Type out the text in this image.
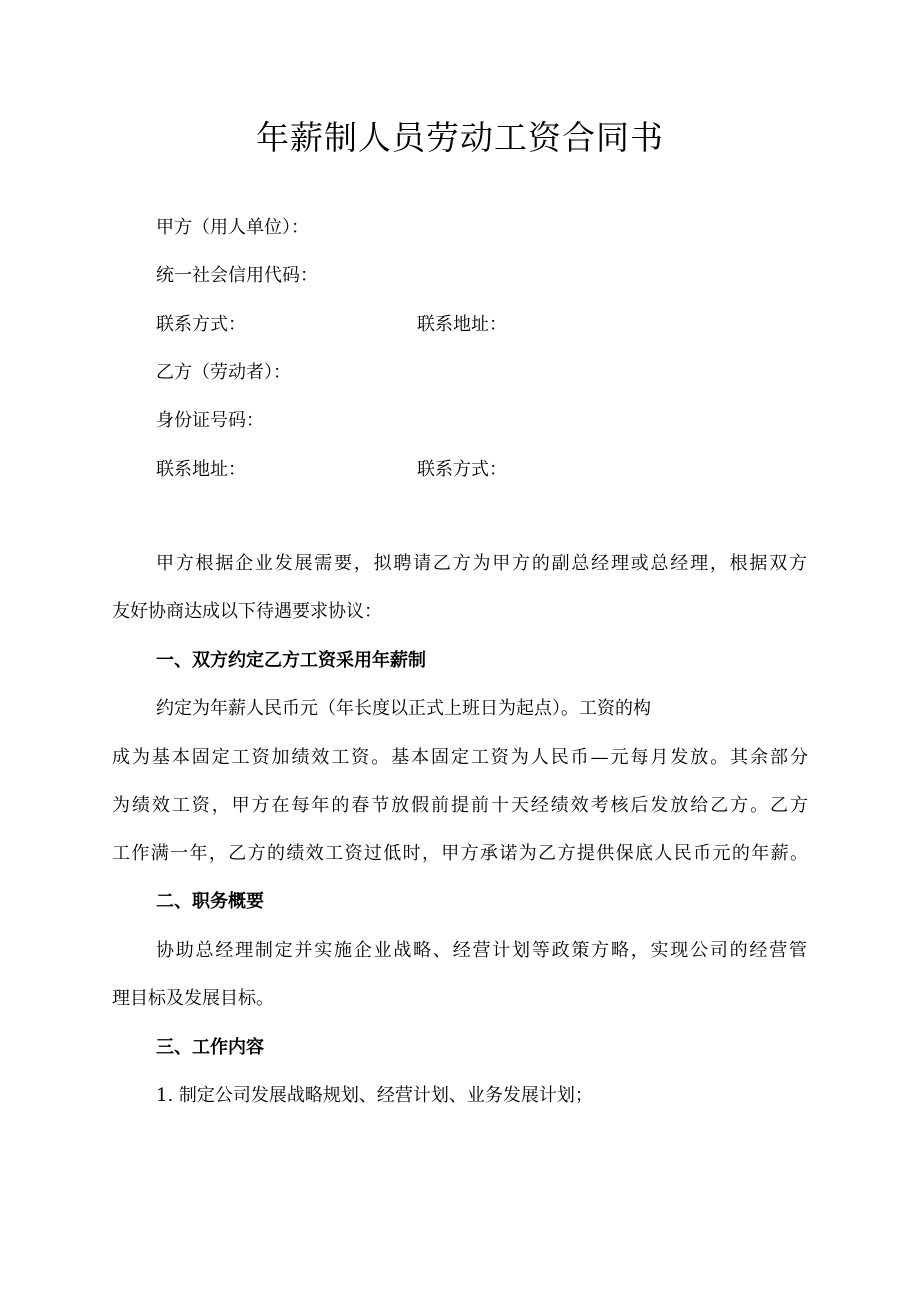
年薪制人员劳动工资合同书
甲方（用人单位）：
统一社会信用代码：
联系方式：	联系地址：
乙方（劳动者）：
身份证号码：
联系地址：	联系方式：
甲方根据企业发展需要，拟聘请乙方为甲方的副总经理或总经理，根据双方
友好协商达成以下待遇要求协议：
一、双方约定乙方工资采用年薪制
约定为年薪人民币元（年长度以正式上班日为起点）。工资的构
成为基本固定工资加绩效工资。基本固定工资为人民币—元每月发放。其余部分
为绩效工资，甲方在每年的春节放假前提前十天经绩效考核后发放给乙方。乙方
工作满一年，乙方的绩效工资过低时，甲方承诺为乙方提供保底人民币元的年薪。
二、职务概要
协助总经理制定并实施企业战略、经营计划等政策方略，实现公司的经营管
理目标及发展目标。
三、工作内容
1. 制定公司发展战略规划、经营计划、业务发展计划；
